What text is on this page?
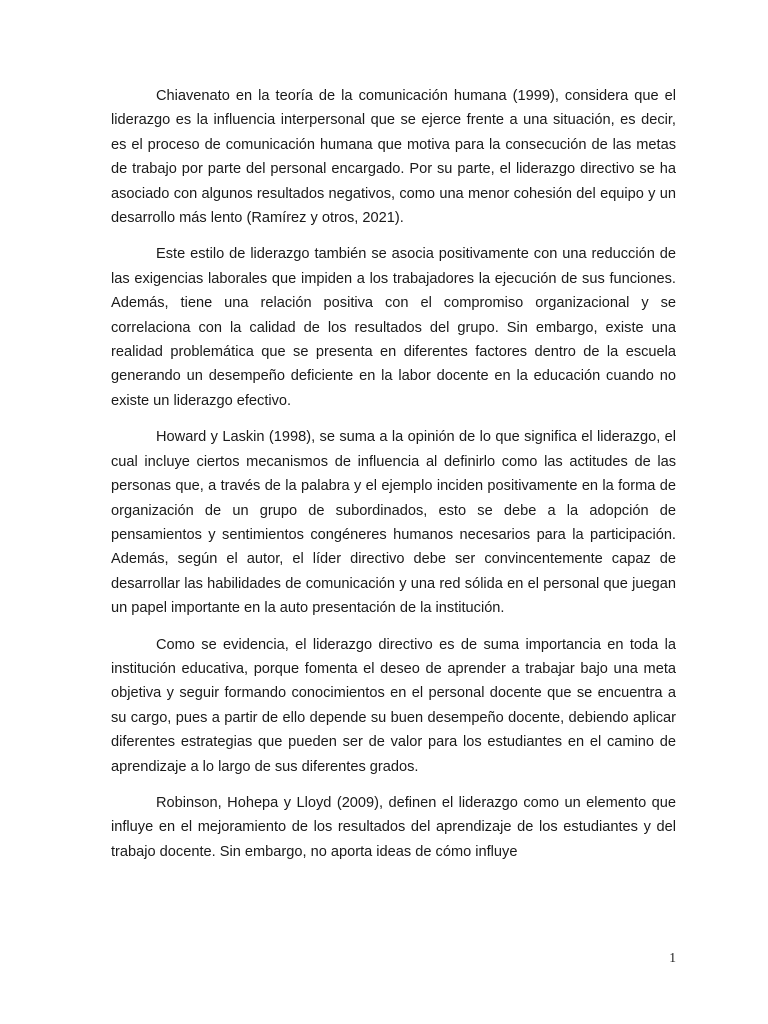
Chiavenato en la teoría de la comunicación humana (1999), considera que el liderazgo es la influencia interpersonal que se ejerce frente a una situación, es decir, es el proceso de comunicación humana que motiva para la consecución de las metas de trabajo por parte del personal encargado. Por su parte, el liderazgo directivo se ha asociado con algunos resultados negativos, como una menor cohesión del equipo y un desarrollo más lento (Ramírez y otros, 2021).

Este estilo de liderazgo también se asocia positivamente con una reducción de las exigencias laborales que impiden a los trabajadores la ejecución de sus funciones. Además, tiene una relación positiva con el compromiso organizacional y se correlaciona con la calidad de los resultados del grupo. Sin embargo, existe una realidad problemática que se presenta en diferentes factores dentro de la escuela generando un desempeño deficiente en la labor docente en la educación cuando no existe un liderazgo efectivo.

Howard y Laskin (1998), se suma a la opinión de lo que significa el liderazgo, el cual incluye ciertos mecanismos de influencia al definirlo como las actitudes de las personas que, a través de la palabra y el ejemplo inciden positivamente en la forma de organización de un grupo de subordinados, esto se debe a la adopción de pensamientos y sentimientos congéneres humanos necesarios para la participación. Además, según el autor, el líder directivo debe ser convincentemente capaz de desarrollar las habilidades de comunicación y una red sólida en el personal que juegan un papel importante en la auto presentación de la institución.

Como se evidencia, el liderazgo directivo es de suma importancia en toda la institución educativa, porque fomenta el deseo de aprender a trabajar bajo una meta objetiva y seguir formando conocimientos en el personal docente que se encuentra a su cargo, pues a partir de ello depende su buen desempeño docente, debiendo aplicar diferentes estrategias que pueden ser de valor para los estudiantes en el camino de aprendizaje a lo largo de sus diferentes grados.

Robinson, Hohepa y Lloyd (2009), definen el liderazgo como un elemento que influye en el mejoramiento de los resultados del aprendizaje de los estudiantes y del trabajo docente. Sin embargo, no aporta ideas de cómo influye

1
